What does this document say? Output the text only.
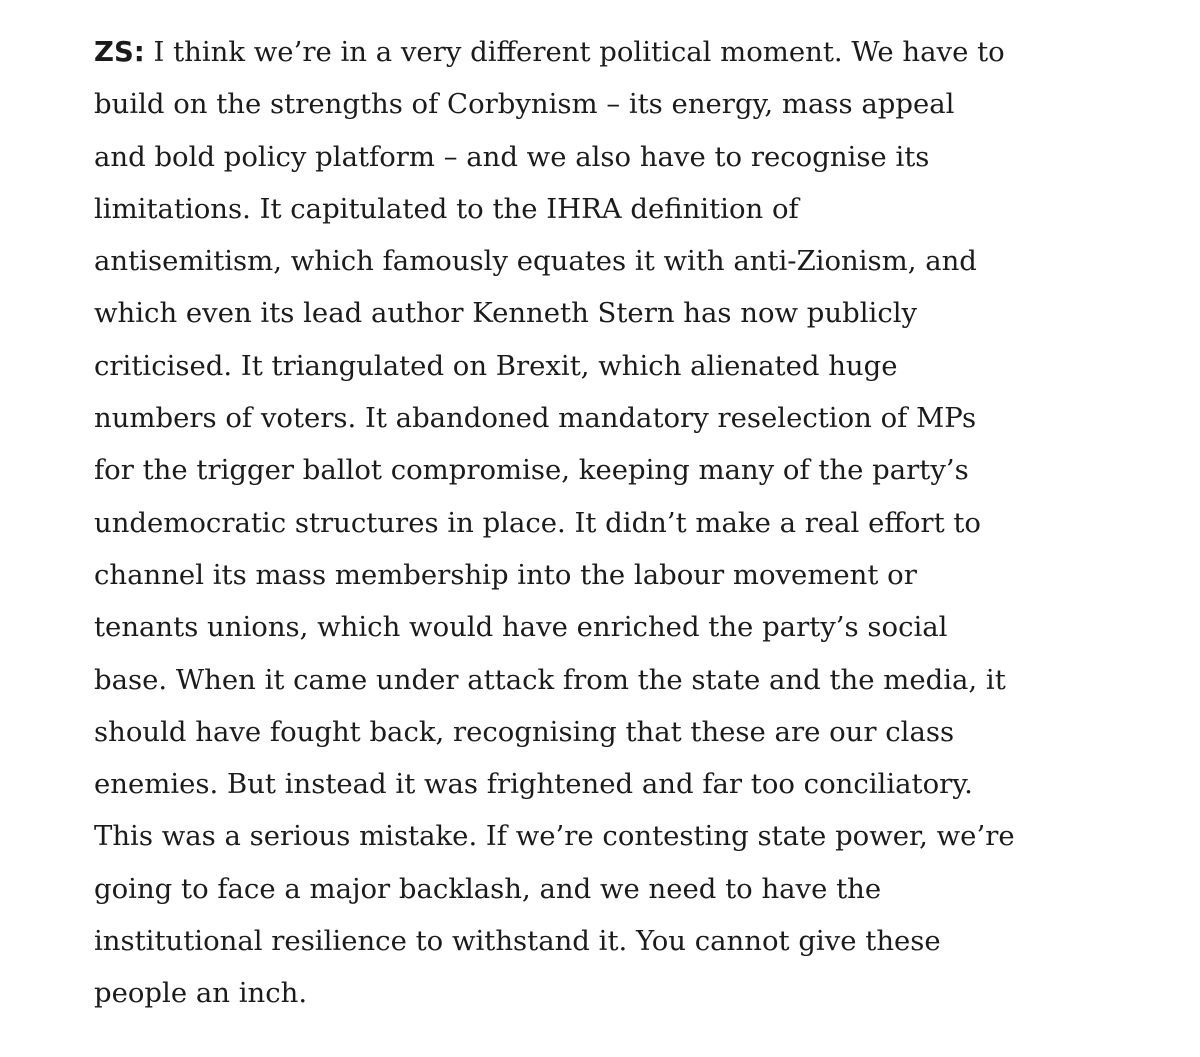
ZS: I think we’re in a very different political moment. We have to
build on the strengths of Corbynism – its energy, mass appeal
and bold policy platform – and we also have to recognise its
limitations. It capitulated to the IHRA definition of
antisemitism, which famously equates it with anti-Zionism, and
which even its lead author Kenneth Stern has now publicly
criticised. It triangulated on Brexit, which alienated huge
numbers of voters. It abandoned mandatory reselection of MPs
for the trigger ballot compromise, keeping many of the party’s
undemocratic structures in place. It didn’t make a real effort to
channel its mass membership into the labour movement or
tenants unions, which would have enriched the party’s social
base. When it came under attack from the state and the media, it
should have fought back, recognising that these are our class
enemies. But instead it was frightened and far too conciliatory.
This was a serious mistake. If we’re contesting state power, we’re
going to face a major backlash, and we need to have the
institutional resilience to withstand it. You cannot give these
people an inch.
